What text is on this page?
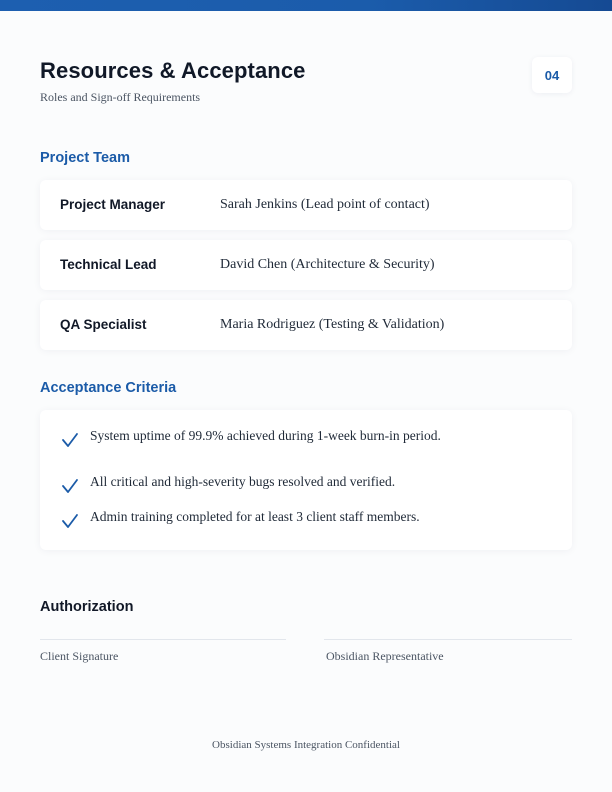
Resources & Acceptance
Roles and Sign-off Requirements
04
Project Team
Project Manager	Sarah Jenkins (Lead point of contact)
Technical Lead	David Chen (Architecture & Security)
QA Specialist	Maria Rodriguez (Testing & Validation)
Acceptance Criteria
System uptime of 99.9% achieved during 1-week burn-in period.
All critical and high-severity bugs resolved and verified.
Admin training completed for at least 3 client staff members.
Authorization
Client Signature	Obsidian Representative
Obsidian Systems Integration Confidential
